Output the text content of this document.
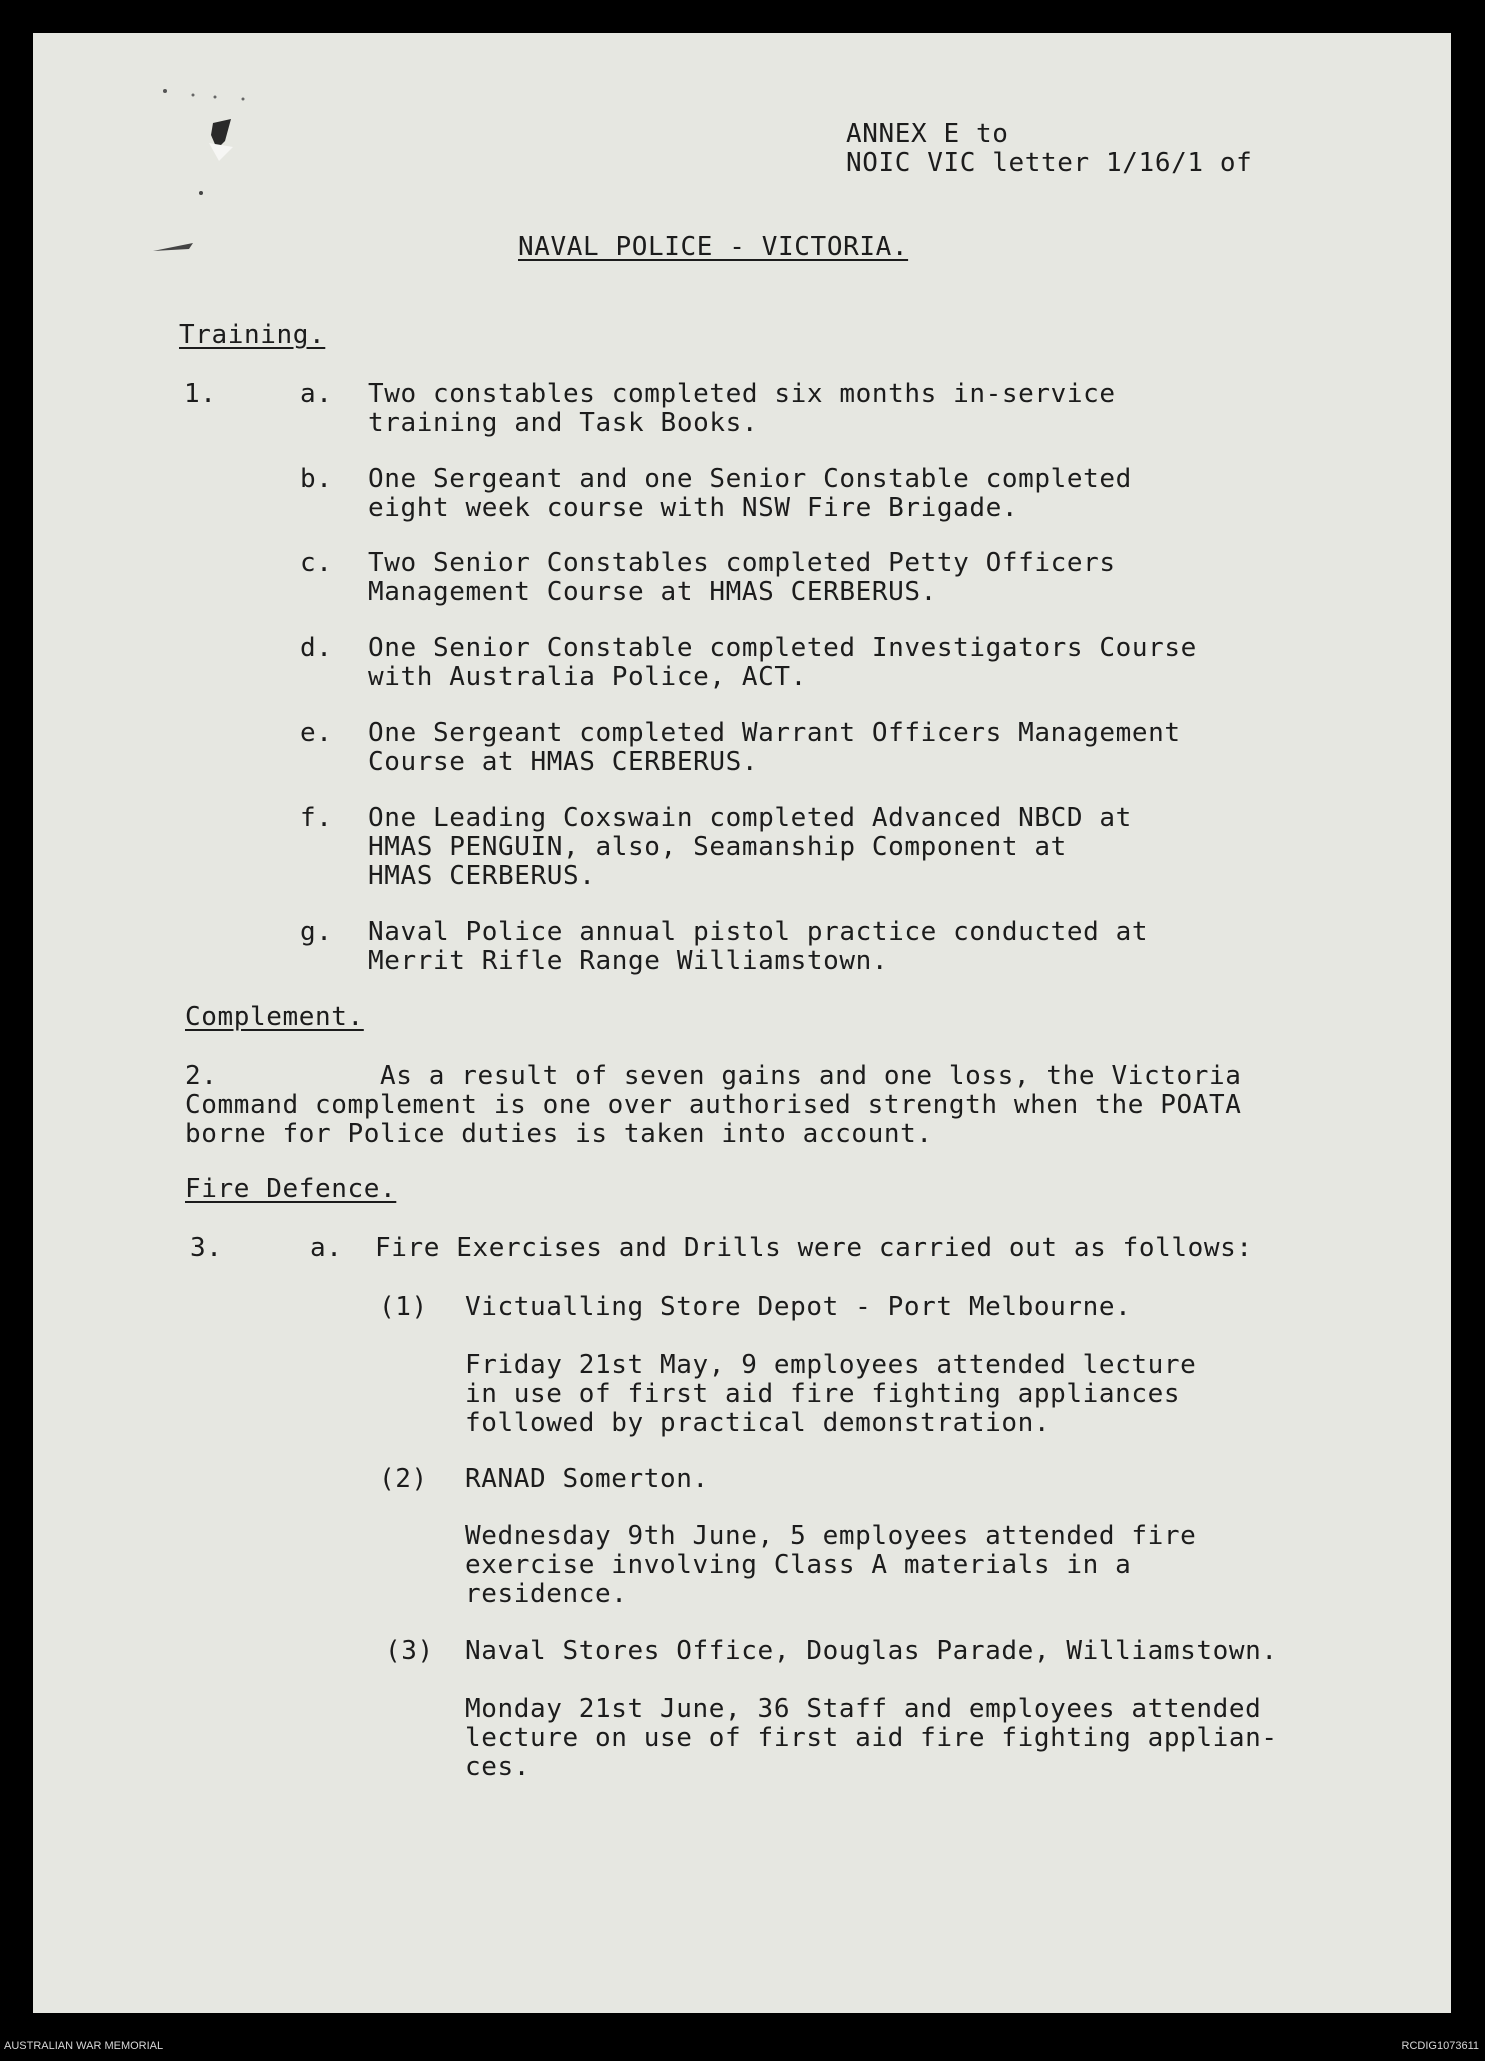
ANNEX E to
NOIC VIC letter 1/16/1 of
NAVAL POLICE - VICTORIA.
Training.
1.	a. Two constables completed six months in-service
training and Task Books.
b. One Sergeant and one Senior Constable completed
eight week course with NSW Fire Brigade.
c. Two Senior Constables completed Petty Officers
Management Course at HMAS CERBERUS.
d. One Senior Constable completed Investigators Course
with Australia Police, ACT.
e. One Sergeant completed Warrant Officers Management
Course at HMAS CERBERUS.
f. One Leading Coxswain completed Advanced NBCD at
HMAS PENGUIN, also, Seamanship Component at
HMAS CERBERUS.
g. Naval Police annual pistol practice conducted at
Merrit Rifle Range Williamstown.
Complement.
2.          As a result of seven gains and one loss, the Victoria
Command complement is one over authorised strength when the POATA
borne for Police duties is taken into account.
Fire Defence.
3.	a. Fire Exercises and Drills were carried out as follows:
(1) Victualling Store Depot - Port Melbourne.
Friday 21st May, 9 employees attended lecture
in use of first aid fire fighting appliances
followed by practical demonstration.
(2) RANAD Somerton.
Wednesday 9th June, 5 employees attended fire
exercise involving Class A materials in a
residence.
(3) Naval Stores Office, Douglas Parade, Williamstown.
Monday 21st June, 36 Staff and employees attended
lecture on use of first aid fire fighting applian-
ces.
AUSTRALIAN WAR MEMORIAL	RCDIG1073611
